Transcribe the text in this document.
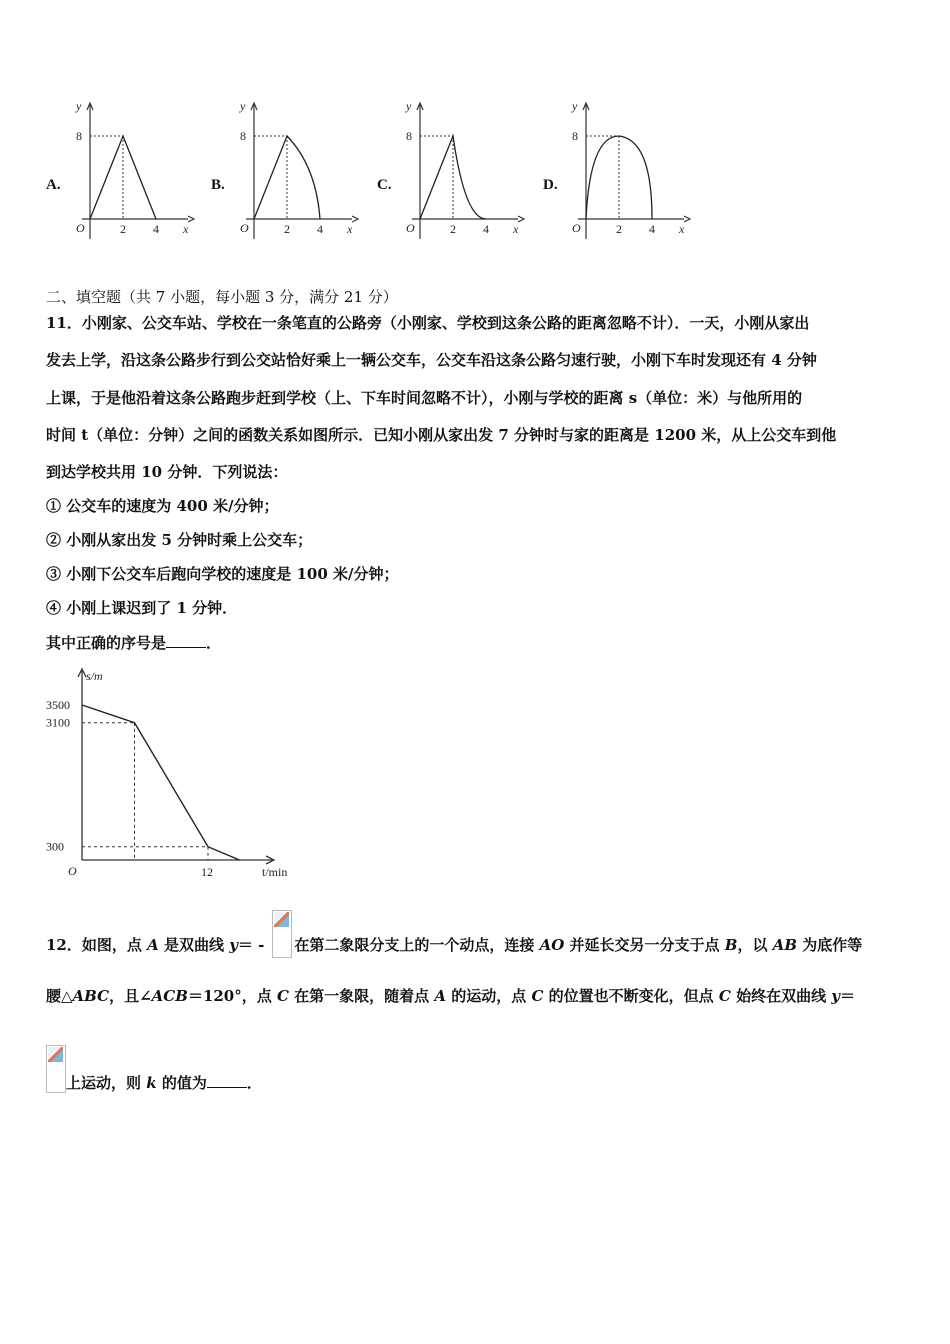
A.	B.	C.	D.
8
2 4
O	x
y
8
2 4
O	x
y
8
2 4
O	x
y
8
2 4
O	x
y
二、填空题（共 7 小题，每小题 3 分，满分 21 分）
11．小刚家、公交车站、学校在一条笔直的公路旁（小刚家、学校到这条公路的距离忽略不计）．一天，小刚从家出
发去上学，沿这条公路步行到公交站恰好乘上一辆公交车，公交车沿这条公路匀速行驶，小刚下车时发现还有 4 分钟
上课，于是他沿着这条公路跑步赶到学校（上、下车时间忽略不计），小刚与学校的距离 s（单位：米）与他所用的
时间 t（单位：分钟）之间的函数关系如图所示．已知小刚从家出发 7 分钟时与家的距离是 1200 米，从上公交车到他
到达学校共用 10 分钟．下列说法：
① 公交车的速度为 400 米/分钟；
② 小刚从家出发 5 分钟时乘上公交车；
③ 小刚下公交车后跑向学校的速度是 100 米/分钟；
④ 小刚上课迟到了 1 分钟．
其中正确的序号是	．
s/m
t/min
O
3500
3100
300
12
12．如图，点 A 是双曲线 y＝ - 在第二象限分支上的一个动点，连接 AO 并延长交另一分支于点 B，以 AB 为底作等
腰△ABC，且∠ACB＝120°，点 C 在第一象限，随着点 A 的运动，点 C 的位置也不断变化，但点 C 始终在双曲线 y＝
上运动，则 k 的值为	．
